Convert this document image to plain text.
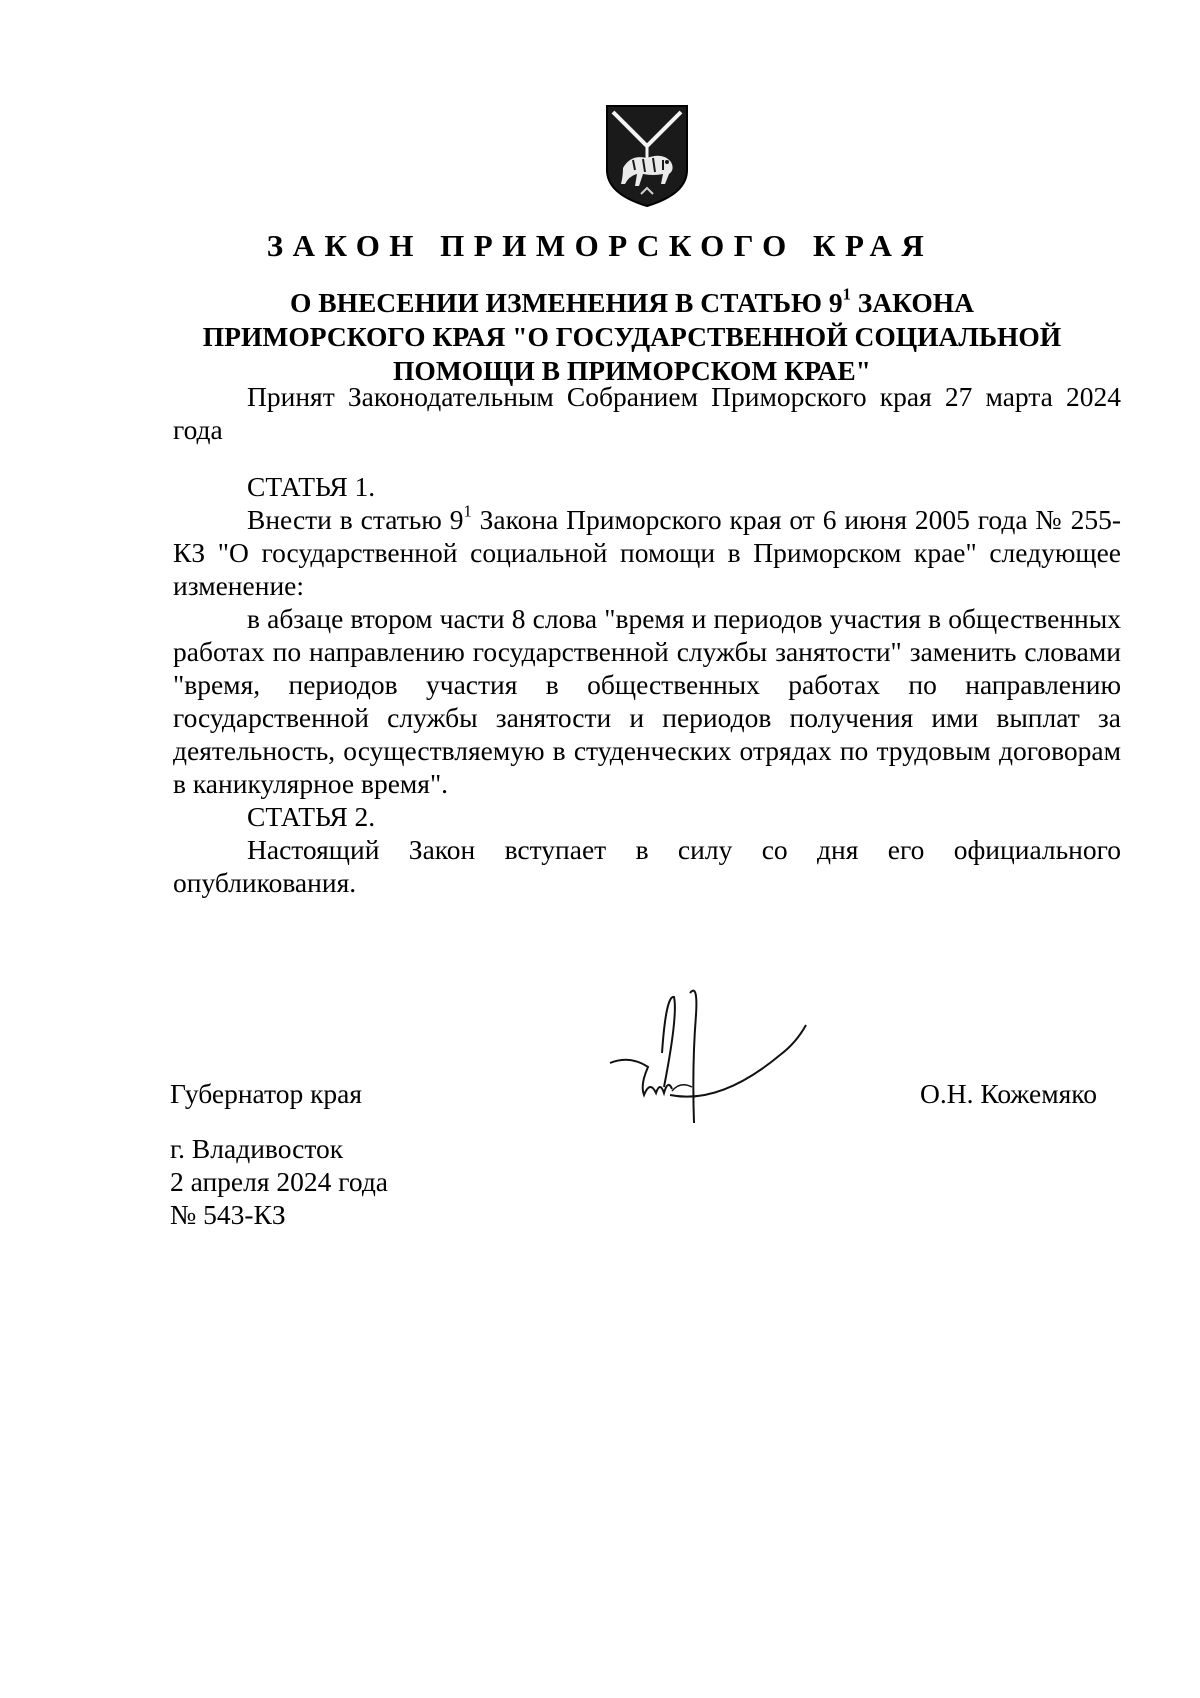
ЗАКОН ПРИМОРСКОГО КРАЯ
О ВНЕСЕНИИ ИЗМЕНЕНИЯ В СТАТЬЮ $9^1$ ЗАКОНА
ПРИМОРСКОГО КРАЯ "О ГОСУДАРСТВЕННОЙ СОЦИАЛЬНОЙ
ПОМОЩИ В ПРИМОРСКОМ КРАЕ"
Принят Законодательным Собранием Приморского края 27 марта 2024 года
СТАТЬЯ 1.
Внести в статью $9^1$ Закона Приморского края от 6 июня 2005 года № 255-КЗ "О государственной социальной помощи в Приморском крае" следующее изменение:
в абзаце втором части 8 слова "время и периодов участия в общественных работах по направлению государственной службы занятости" заменить словами "время, периодов участия в общественных работах по направлению государственной службы занятости и периодов получения ими выплат за деятельность, осуществляемую в студенческих отрядах по трудовым договорам в каникулярное время".
СТАТЬЯ 2.
Настоящий Закон вступает в силу со дня его официального опубликования.
Губернатор края	О.Н. Кожемяко
г. Владивосток
2 апреля 2024 года
№ 543-КЗ
